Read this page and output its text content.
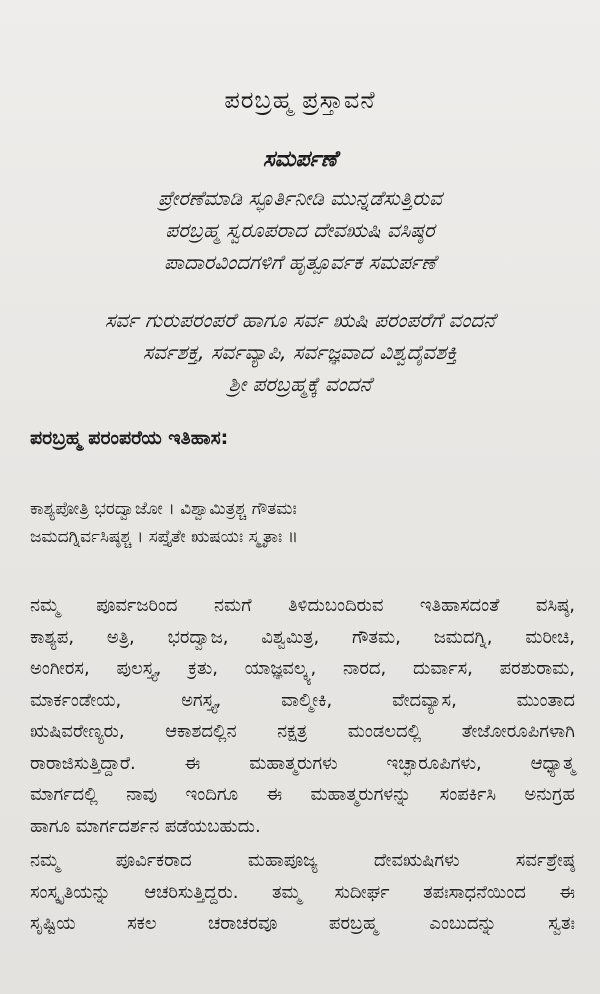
ಪರಬ್ರಹ್ಮ ಪ್ರಸ್ತಾವನೆ
ಸಮರ್ಪಣೆ
ಪ್ರೇರಣೆಮಾಡಿ ಸ್ಫೂರ್ತಿನೀಡಿ ಮುನ್ನಡೆಸುತ್ತಿರುವ
ಪರಬ್ರಹ್ಮ ಸ್ವರೂಪರಾದ ದೇವಋಷಿ ವಸಿಷ್ಠರ
ಪಾದಾರವಿಂದಗಳಿಗೆ ಹೃತ್ಪೂರ್ವಕ ಸಮರ್ಪಣೆ
ಸರ್ವ ಗುರುಪರಂಪರೆ ಹಾಗೂ ಸರ್ವ ಋಷಿ ಪರಂಪರೆಗೆ ವಂದನೆ
ಸರ್ವಶಕ್ತ, ಸರ್ವವ್ಯಾಪಿ, ಸರ್ವಜ್ಞವಾದ ವಿಶ್ವದೈವಶಕ್ತಿ
ಶ್ರೀ ಪರಬ್ರಹ್ಮಕ್ಕೆ ವಂದನೆ
ಪರಬ್ರಹ್ಮ ಪರಂಪರೆಯ ಇತಿಹಾಸ:
ಕಾಶ್ಯಪೋತ್ರಿ ಭರದ್ವಾಜೋ । ವಿಶ್ವಾಮಿತ್ರಶ್ಚ ಗೌತಮಃ
ಜಮದಗ್ನಿರ್ವಸಿಷ್ಠಶ್ಚ । ಸಪ್ತೈತೇ ಋಷಯಃ ಸ್ಮೃತಾಃ ॥
ನಮ್ಮ ಪೂರ್ವಜರಿಂದ ನಮಗೆ ತಿಳಿದುಬಂದಿರುವ ಇತಿಹಾಸದಂತೆ ವಸಿಷ್ಠ,
ಕಾಶ್ಯಪ, ಅತ್ರಿ, ಭರದ್ವಾಜ, ವಿಶ್ವಮಿತ್ರ, ಗೌತಮ, ಜಮದಗ್ನಿ, ಮರೀಚಿ,
ಅಂಗೀರಸ, ಪುಲಸ್ತ್ಯ, ಕ್ರತು, ಯಾಜ್ಞವಲ್ಕ್ಯ, ನಾರದ, ದುರ್ವಾಸ, ಪರಶುರಾಮ,
ಮಾರ್ಕಂಡೇಯ, ಅಗಸ್ತ್ಯ, ವಾಲ್ಮೀಕಿ, ವೇದವ್ಯಾಸ, ಮುಂತಾದ
ಋಷಿವರೇಣ್ಯರು, ಆಕಾಶದಲ್ಲಿನ ನಕ್ಷತ್ರ ಮಂಡಲದಲ್ಲಿ ತೇಜೋರೂಪಿಗಳಾಗಿ
ರಾರಾಜಿಸುತ್ತಿದ್ದಾರೆ. ಈ ಮಹಾತ್ಮರುಗಳು ಇಚ್ಛಾರೂಪಿಗಳು, ಆಧ್ಯಾತ್ಮ
ಮಾರ್ಗದಲ್ಲಿ ನಾವು ಇಂದಿಗೂ ಈ ಮಹಾತ್ಮರುಗಳನ್ನು ಸಂಪರ್ಕಿಸಿ ಅನುಗ್ರಹ
ಹಾಗೂ ಮಾರ್ಗದರ್ಶನ ಪಡೆಯಬಹುದು.
ನಮ್ಮ ಪೂರ್ವಿಕರಾದ ಮಹಾಪೂಜ್ಯ ದೇವಋಷಿಗಳು ಸರ್ವಶ್ರೇಷ್ಠ
ಸಂಸ್ಕೃತಿಯನ್ನು ಆಚರಿಸುತ್ತಿದ್ದರು. ತಮ್ಮ ಸುದೀರ್ಘ ತಪಃಸಾಧನೆಯಿಂದ ಈ
ಸೃಷ್ಟಿಯ ಸಕಲ ಚರಾಚರವೂ ಪರಬ್ರಹ್ಮ ಎಂಬುದನ್ನು ಸ್ವತಃ
